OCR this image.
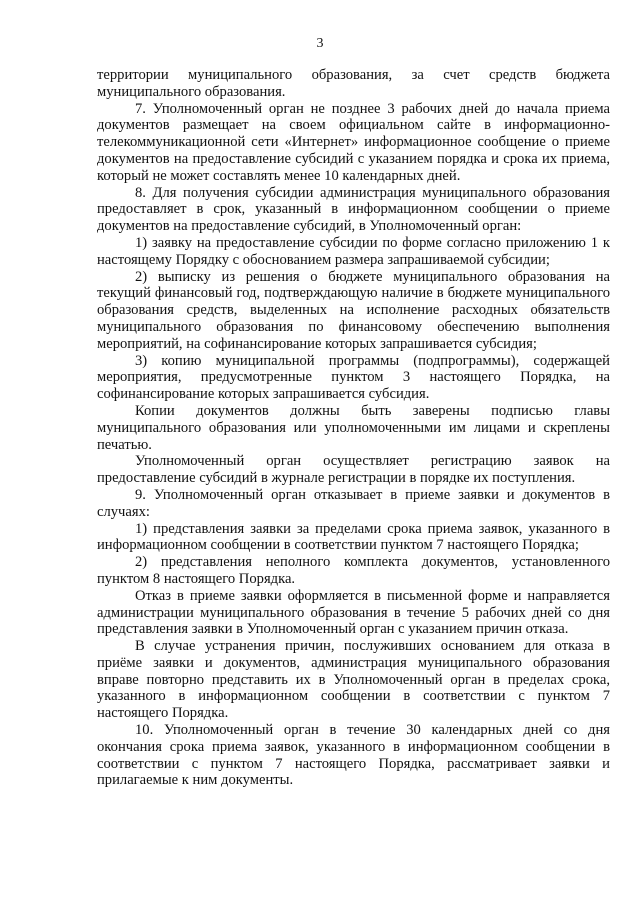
3

территории муниципального образования, за счет средств бюджета муниципального образования.

7. Уполномоченный орган не позднее 3 рабочих дней до начала приема документов размещает на своем официальном сайте в информационно-телекоммуникационной сети «Интернет» информационное сообщение о приеме документов на предоставление субсидий с указанием порядка и срока их приема, который не может составлять менее 10 календарных дней.

8. Для получения субсидии администрация муниципального образования предоставляет в срок, указанный в информационном сообщении о приеме документов на предоставление субсидий, в Уполномоченный орган:

1) заявку на предоставление субсидии по форме согласно приложению 1 к настоящему Порядку с обоснованием размера запрашиваемой субсидии;

2) выписку из решения о бюджете муниципального образования на текущий финансовый год, подтверждающую наличие в бюджете муниципального образования средств, выделенных на исполнение расходных обязательств муниципального образования по финансовому обеспечению выполнения мероприятий, на софинансирование которых запрашивается субсидия;

3) копию муниципальной программы (подпрограммы), содержащей мероприятия, предусмотренные пунктом 3 настоящего Порядка, на софинансирование которых запрашивается субсидия.

Копии документов должны быть заверены подписью главы муниципального образования или уполномоченными им лицами и скреплены печатью.

Уполномоченный орган осуществляет регистрацию заявок на предоставление субсидий в журнале регистрации в порядке их поступления.

9. Уполномоченный орган отказывает в приеме заявки и документов в случаях:

1) представления заявки за пределами срока приема заявок, указанного в информационном сообщении в соответствии пунктом 7 настоящего Порядка;

2) представления неполного комплекта документов, установленного пунктом 8 настоящего Порядка.

Отказ в приеме заявки оформляется в письменной форме и направляется администрации муниципального образования в течение 5 рабочих дней со дня представления заявки в Уполномоченный орган с указанием причин отказа.

В случае устранения причин, послуживших основанием для отказа в приёме заявки и документов, администрация муниципального образования вправе повторно представить их в Уполномоченный орган в пределах срока, указанного в информационном сообщении в соответствии с пунктом 7 настоящего Порядка.

10. Уполномоченный орган в течение 30 календарных дней со дня окончания срока приема заявок, указанного в информационном сообщении в соответствии с пунктом 7 настоящего Порядка, рассматривает заявки и прилагаемые к ним документы.
